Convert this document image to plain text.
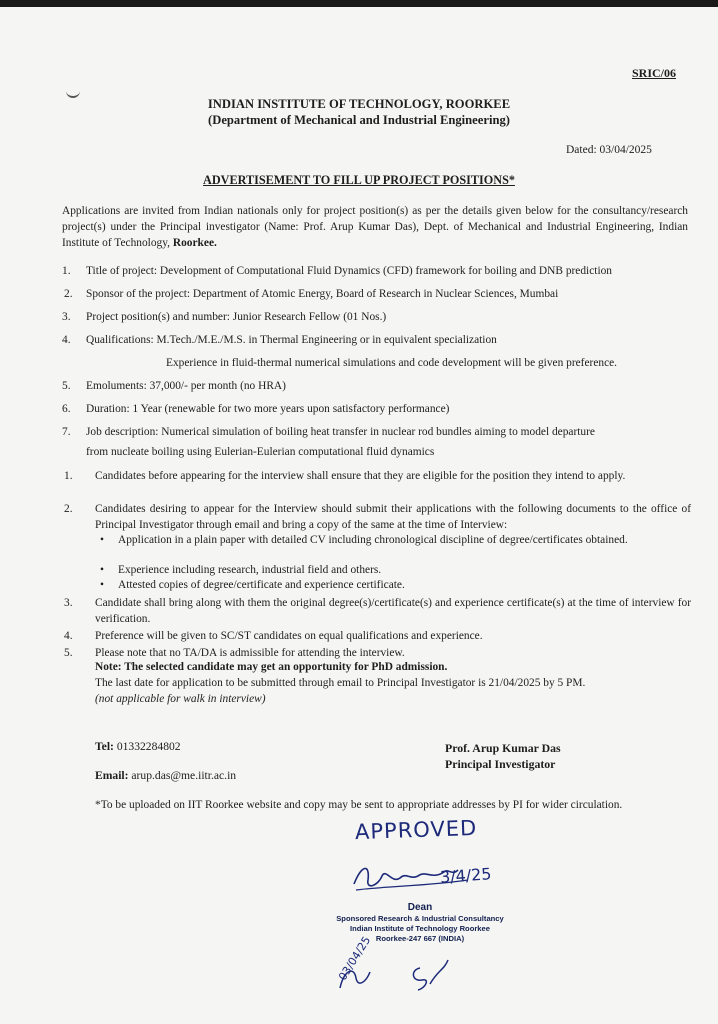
SRIC/06
INDIAN INSTITUTE OF TECHNOLOGY, ROORKEE
(Department of Mechanical and Industrial Engineering)
Dated: 03/04/2025
ADVERTISEMENT TO FILL UP PROJECT POSITIONS*
Applications are invited from Indian nationals only for project position(s) as per the details given below for the consultancy/research project(s) under the Principal investigator (Name: Prof. Arup Kumar Das), Dept. of Mechanical and Industrial Engineering, Indian Institute of Technology, Roorkee.
1. Title of project: Development of Computational Fluid Dynamics (CFD) framework for boiling and DNB prediction
2. Sponsor of the project: Department of Atomic Energy, Board of Research in Nuclear Sciences, Mumbai
3. Project position(s) and number: Junior Research Fellow (01 Nos.)
4. Qualifications: M.Tech./M.E./M.S. in Thermal Engineering or in equivalent specialization
Experience in fluid-thermal numerical simulations and code development will be given preference.
5. Emoluments: 37,000/- per month (no HRA)
6. Duration: 1 Year (renewable for two more years upon satisfactory performance)
7. Job description: Numerical simulation of boiling heat transfer in nuclear rod bundles aiming to model departure
from nucleate boiling using Eulerian-Eulerian computational fluid dynamics
1. Candidates before appearing for the interview shall ensure that they are eligible for the position they intend to apply.
2. Candidates desiring to appear for the Interview should submit their applications with the following documents to the office of Principal Investigator through email and bring a copy of the same at the time of Interview:
• Application in a plain paper with detailed CV including chronological discipline of degree/certificates obtained.
• Experience including research, industrial field and others.
• Attested copies of degree/certificate and experience certificate.
3. Candidate shall bring along with them the original degree(s)/certificate(s) and experience certificate(s) at the time of interview for verification.
4. Preference will be given to SC/ST candidates on equal qualifications and experience.
5. Please note that no TA/DA is admissible for attending the interview.
Note: The selected candidate may get an opportunity for PhD admission.
The last date for application to be submitted through email to Principal Investigator is 21/04/2025 by 5 PM.
(not applicable for walk in interview)
Tel: 01332284802
Email: arup.das@me.iitr.ac.in
Prof. Arup Kumar Das
Principal Investigator
*To be uploaded on IIT Roorkee website and copy may be sent to appropriate addresses by PI for wider circulation.
APPROVED
3/4/25
Dean
Sponsored Research & Industrial Consultancy
Indian Institute of Technology Roorkee
Roorkee-247 667 (INDIA)
03/04/25
